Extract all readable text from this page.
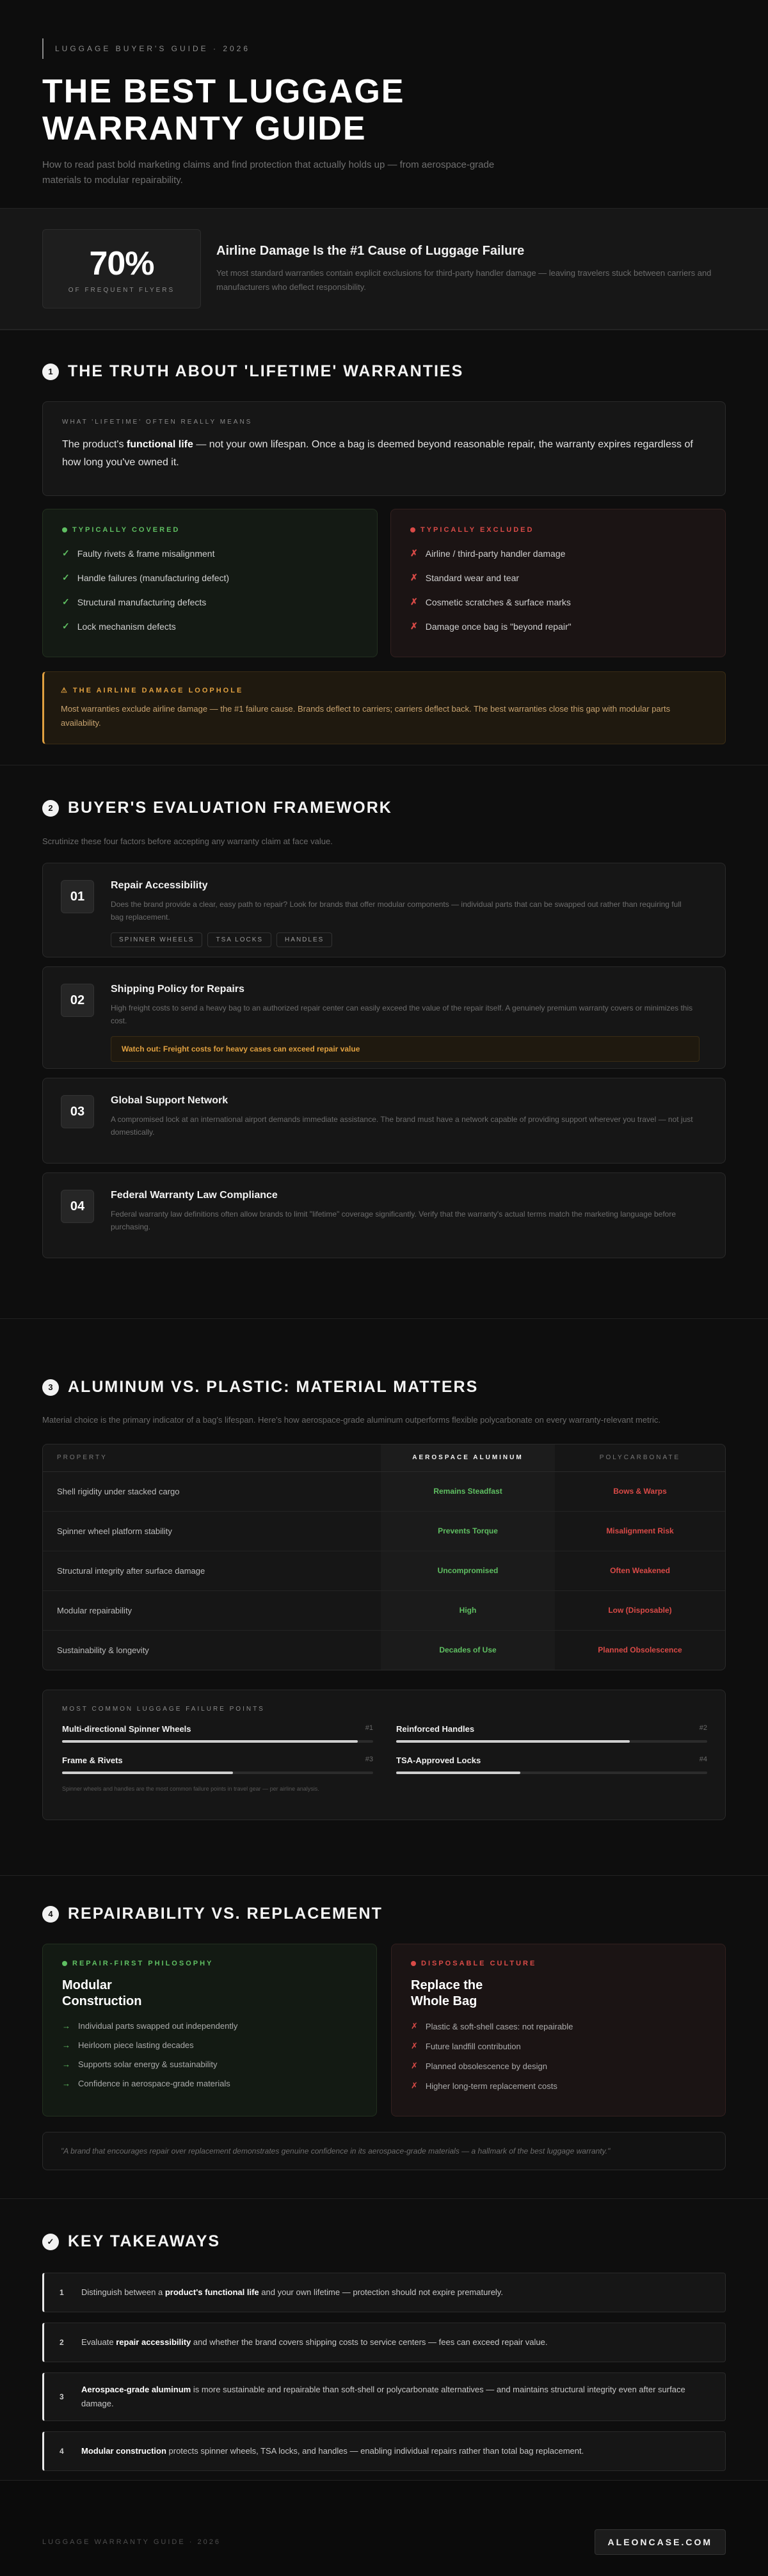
LUGGAGE BUYER'S GUIDE · 2026
THE BEST LUGGAGE
WARRANTY GUIDE

How to read past bold marketing claims and find protection that actually holds up — from aerospace-grade materials to modular repairability.

70%
OF FREQUENT FLYERS
Airline Damage Is the #1 Cause of Luggage Failure

Yet most standard warranties contain explicit exclusions for third-party handler damage — leaving travelers stuck between carriers and manufacturers who deflect responsibility.

1 THE TRUTH ABOUT 'LIFETIME' WARRANTIES
WHAT 'LIFETIME' OFTEN REALLY MEANS

The product's functional life — not your own lifespan. Once a bag is deemed beyond reasonable repair, the warranty expires regardless of how long you've owned it.

TYPICALLY COVERED
✓ Faulty rivets & frame misalignment
✓ Handle failures (manufacturing defect)
✓ Structural manufacturing defects
✓ Lock mechanism defects
TYPICALLY EXCLUDED
✗ Airline / third-party handler damage
✗ Standard wear and tear
✗ Cosmetic scratches & surface marks
✗ Damage once bag is "beyond repair"
⚠ THE AIRLINE DAMAGE LOOPHOLE

Most warranties exclude airline damage — the #1 failure cause. Brands deflect to carriers; carriers deflect back. The best warranties close this gap with modular parts availability.

2 BUYER'S EVALUATION FRAMEWORK

Scrutinize these four factors before accepting any warranty claim at face value.

01
Repair Accessibility

Does the brand provide a clear, easy path to repair? Look for brands that offer modular components — individual parts that can be swapped out rather than requiring full bag replacement.

SPINNER WHEELS	TSA LOCKS	HANDLES
02
Shipping Policy for Repairs

High freight costs to send a heavy bag to an authorized repair center can easily exceed the value of the repair itself. A genuinely premium warranty covers or minimizes this cost.

Watch out: Freight costs for heavy cases can exceed repair value
03
Global Support Network

A compromised lock at an international airport demands immediate assistance. The brand must have a network capable of providing support wherever you travel — not just domestically.

04
Federal Warranty Law Compliance

Federal warranty law definitions often allow brands to limit "lifetime" coverage significantly. Verify that the warranty's actual terms match the marketing language before purchasing.

3 ALUMINUM VS. PLASTIC: MATERIAL MATTERS

Material choice is the primary indicator of a bag's lifespan. Here's how aerospace-grade aluminum outperforms flexible polycarbonate on every warranty-relevant metric.

PROPERTY	AEROSPACE ALUMINUM	POLYCARBONATE
Shell rigidity under stacked cargo	Remains Steadfast	Bows & Warps
Spinner wheel platform stability	Prevents Torque	Misalignment Risk
Structural integrity after surface damage	Uncompromised	Often Weakened
Modular repairability	High	Low (Disposable)
Sustainability & longevity	Decades of Use	Planned Obsolescence
MOST COMMON LUGGAGE FAILURE POINTS
Multi-directional Spinner Wheels	#1	Reinforced Handles	#2
Frame & Rivets	#3	TSA-Approved Locks	#4

Spinner wheels and handles are the most common failure points in travel gear — per airline analysis.

4 REPAIRABILITY VS. REPLACEMENT
REPAIR-FIRST PHILOSOPHY
Modular
Construction
→ Individual parts swapped out independently
→ Heirloom piece lasting decades
→ Supports solar energy & sustainability
→ Confidence in aerospace-grade materials
DISPOSABLE CULTURE
Replace the
Whole Bag
✗ Plastic & soft-shell cases: not repairable
✗ Future landfill contribution
✗ Planned obsolescence by design
✗ Higher long-term replacement costs

"A brand that encourages repair over replacement demonstrates genuine confidence in its aerospace-grade materials — a hallmark of the best luggage warranty."

✓ KEY TAKEAWAYS
1	Distinguish between a product's functional life and your own lifetime — protection should not expire prematurely.

2	Evaluate repair accessibility and whether the brand covers shipping costs to service centers — fees can exceed repair value.

3

Aerospace-grade aluminum is more sustainable and repairable than soft-shell or polycarbonate alternatives — and maintains structural integrity even after surface damage.

4	Modular construction protects spinner wheels, TSA locks, and handles — enabling individual repairs rather than total bag replacement.

LUGGAGE WARRANTY GUIDE · 2026	ALEONCASE.COM
